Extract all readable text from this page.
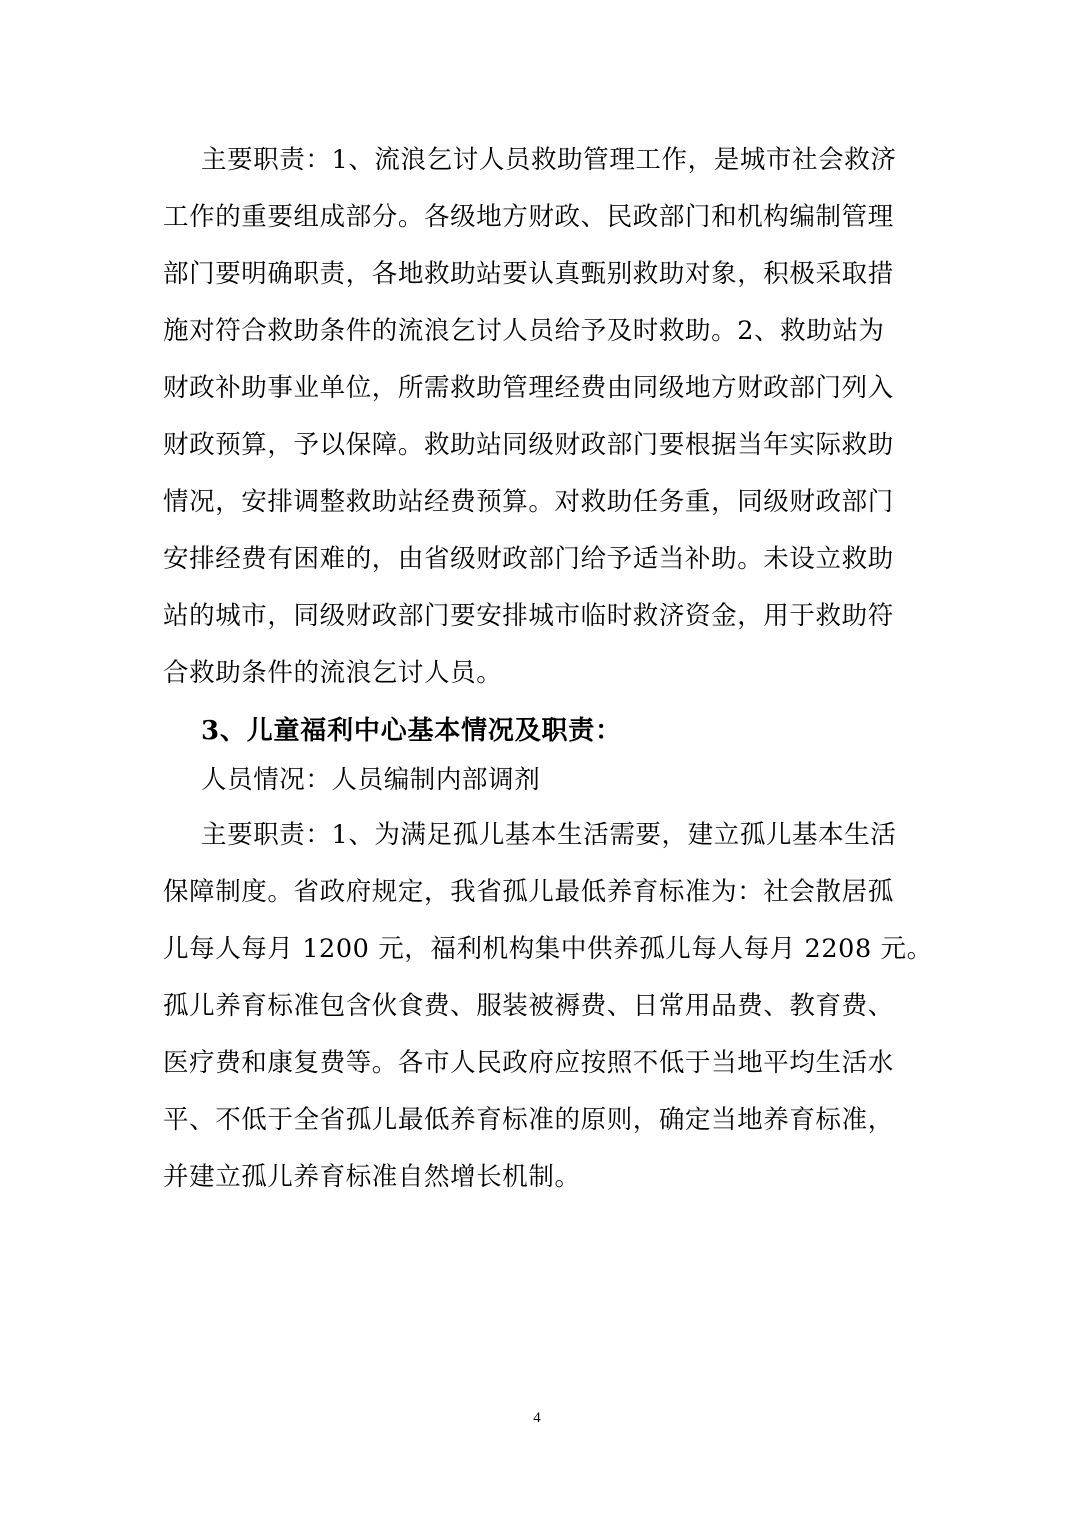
主要职责：1、流浪乞讨人员救助管理工作，是城市社会救济
工作的重要组成部分。各级地方财政、民政部门和机构编制管理
部门要明确职责，各地救助站要认真甄别救助对象，积极采取措
施对符合救助条件的流浪乞讨人员给予及时救助。2、救助站为
财政补助事业单位，所需救助管理经费由同级地方财政部门列入
财政预算，予以保障。救助站同级财政部门要根据当年实际救助
情况，安排调整救助站经费预算。对救助任务重，同级财政部门
安排经费有困难的，由省级财政部门给予适当补助。未设立救助
站的城市，同级财政部门要安排城市临时救济资金，用于救助符
合救助条件的流浪乞讨人员。
3、儿童福利中心基本情况及职责：
人员情况：人员编制内部调剂
主要职责：1、为满足孤儿基本生活需要，建立孤儿基本生活
保障制度。省政府规定，我省孤儿最低养育标准为：社会散居孤
儿每人每月 1200 元，福利机构集中供养孤儿每人每月 2208 元。
孤儿养育标准包含伙食费、服装被褥费、日常用品费、教育费、
医疗费和康复费等。各市人民政府应按照不低于当地平均生活水
平、不低于全省孤儿最低养育标准的原则，确定当地养育标准，
并建立孤儿养育标准自然增长机制。
4
